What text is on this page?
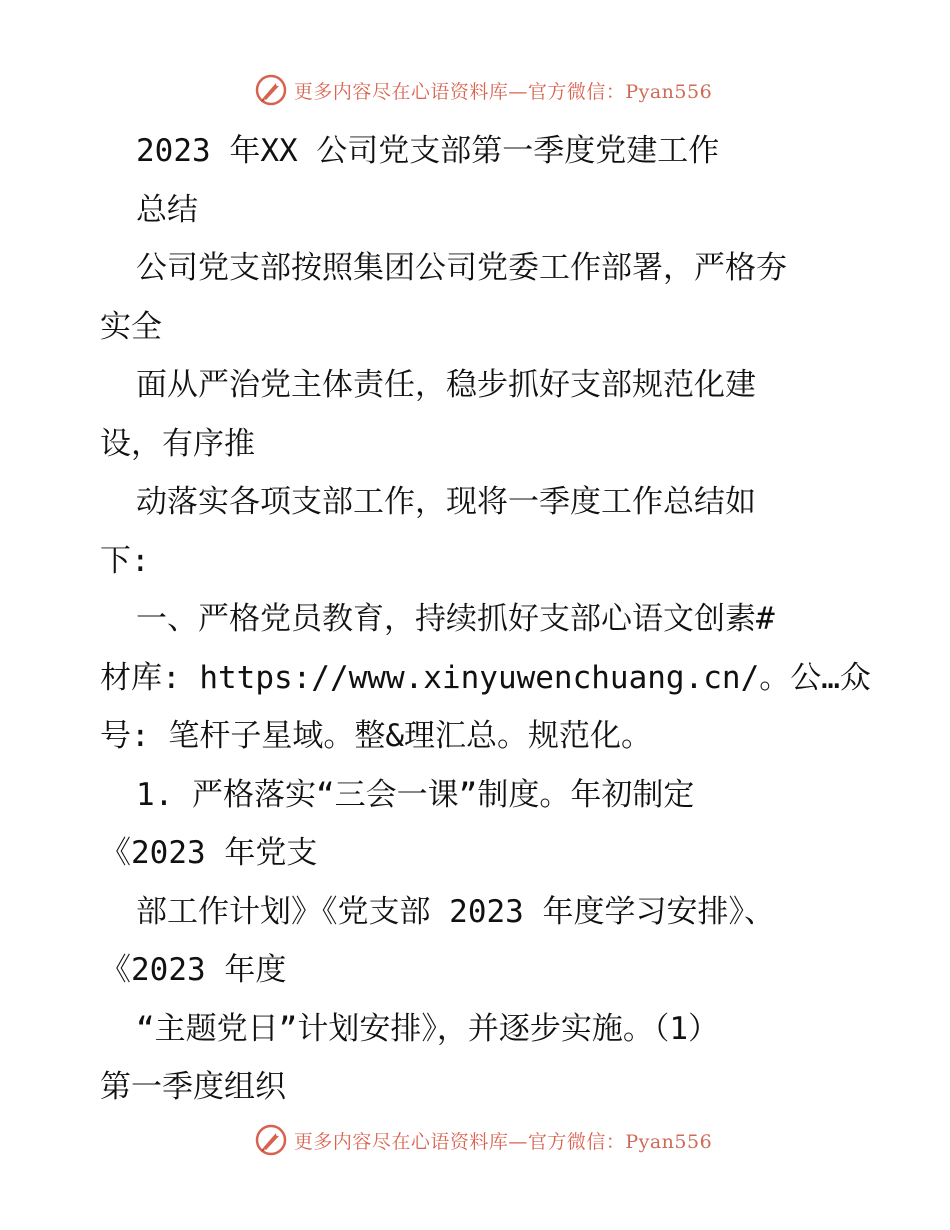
更多内容尽在心语资料库—官方微信：Pyan556
2023 年XX 公司党支部第一季度党建工作
总结
公司党支部按照集团公司党委工作部署，严格夯
实全
面从严治党主体责任，稳步抓好支部规范化建
设，有序推
动落实各项支部工作，现将一季度工作总结如
下:
一、严格党员教育，持续抓好支部心语文创素#
材库: https://www.xinyuwenchuang.cn/。公…众
号: 笔杆子星域。整&理汇总。规范化。
1. 严格落实“三会一课”制度。年初制定
《2023 年党支
部工作计划》《党支部 2023 年度学习安排》、
《2023 年度
“主题党日”计划安排》，并逐步实施。（1）
第一季度组织
更多内容尽在心语资料库—官方微信：Pyan556
